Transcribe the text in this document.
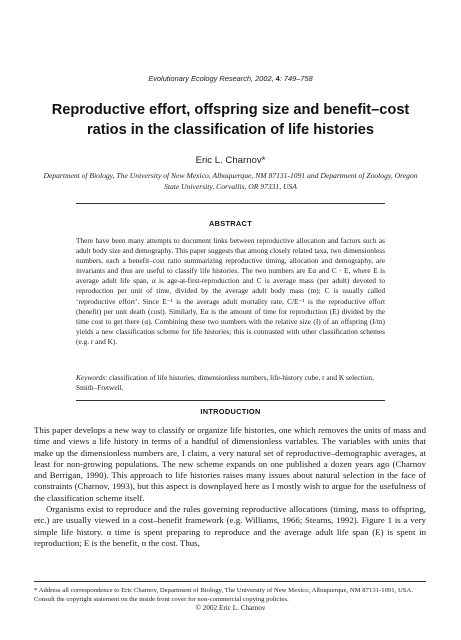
Evolutionary Ecology Research, 2002, 4: 749–758
Reproductive effort, offspring size and benefit–cost ratios in the classification of life histories
Eric L. Charnov*
Department of Biology, The University of New Mexico, Albuquerque, NM 87131-1091 and Department of Zoology, Oregon State University, Corvallis, OR 97331, USA
ABSTRACT

There have been many attempts to document links between reproductive allocation and factors such as adult body size and demography. This paper suggests that among closely related taxa, two dimensionless numbers, each a benefit–cost ratio summarizing reproductive timing, allocation and demography, are invariants and thus are useful to classify life histories. The two numbers are Eα and C · E, where E is average adult life span, α is age-at-first-reproduction and C is average mass (per adult) devoted to reproduction per unit of time, divided by the average adult body mass (m); C is usually called ‘reproductive effort’. Since E⁻¹ is the average adult mortality rate, C/E⁻¹ is the reproductive effort (benefit) per unit death (cost). Similarly, Eα is the amount of time for reproduction (E) divided by the time cost to get there (α). Combining these two numbers with the relative size (I) of an offspring (I/m) yields a new classification scheme for life histories; this is contrasted with other classification schemes (e.g. r and K).

Keywords: classification of life histories, dimensionless numbers, life-history cube, r and K selection, Smith–Fretwell.

INTRODUCTION

This paper develops a new way to classify or organize life histories, one which removes the units of mass and time and views a life history in terms of a handful of dimensionless variables. The variables with units that make up the dimensionless numbers are, I claim, a very natural set of reproductive–demographic averages, at least for non-growing populations. The new scheme expands on one published a dozen years ago (Charnov and Berrigan, 1990). This approach to life histories raises many issues about natural selection in the face of constraints (Charnov, 1993), but this aspect is downplayed here as I mostly wish to argue for the usefulness of the classification scheme itself.

Organisms exist to reproduce and the rules governing reproductive allocations (timing, mass to offspring, etc.) are usually viewed in a cost–benefit framework (e.g. Williams, 1966; Stearns, 1992). Figure 1 is a very simple life history. α time is spent preparing to reproduce and the average adult life span (E) is spent in reproduction; E is the benefit, α the cost. Thus,

* Address all correspondence to Eric Charnov, Department of Biology, The University of New Mexico, Albuquerque, NM 87131-1091, USA.
Consult the copyright statement on the inside front cover for non-commercial copying policies.
© 2002 Eric L. Charnov
